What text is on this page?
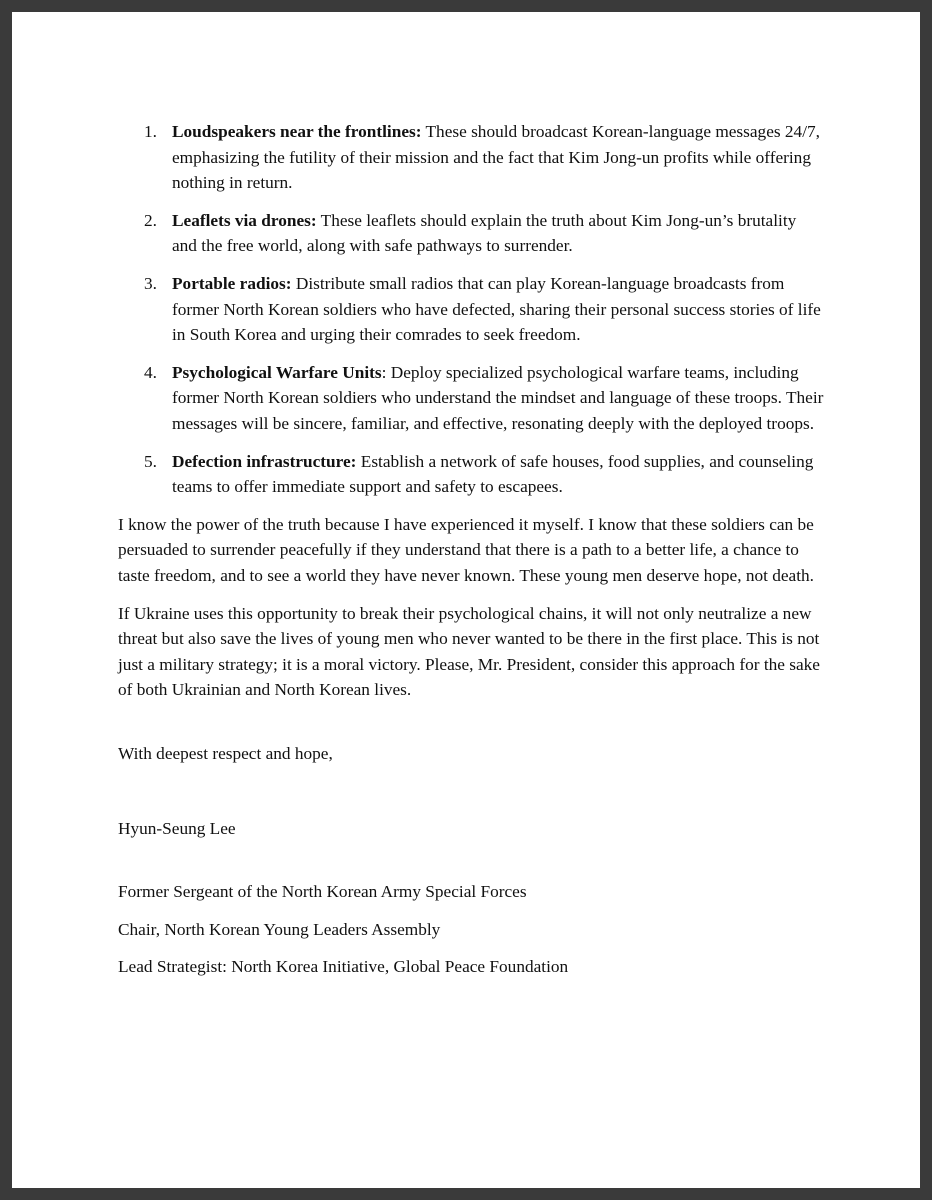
1. Loudspeakers near the frontlines: These should broadcast Korean-language messages 24/7, emphasizing the futility of their mission and the fact that Kim Jong-un profits while offering nothing in return.
2. Leaflets via drones: These leaflets should explain the truth about Kim Jong-un’s brutality and the free world, along with safe pathways to surrender.
3. Portable radios: Distribute small radios that can play Korean-language broadcasts from former North Korean soldiers who have defected, sharing their personal success stories of life in South Korea and urging their comrades to seek freedom.
4. Psychological Warfare Units: Deploy specialized psychological warfare teams, including former North Korean soldiers who understand the mindset and language of these troops. Their messages will be sincere, familiar, and effective, resonating deeply with the deployed troops.
5. Defection infrastructure: Establish a network of safe houses, food supplies, and counseling teams to offer immediate support and safety to escapees.

I know the power of the truth because I have experienced it myself. I know that these soldiers can be persuaded to surrender peacefully if they understand that there is a path to a better life, a chance to taste freedom, and to see a world they have never known. These young men deserve hope, not death.

If Ukraine uses this opportunity to break their psychological chains, it will not only neutralize a new threat but also save the lives of young men who never wanted to be there in the first place. This is not just a military strategy; it is a moral victory. Please, Mr. President, consider this approach for the sake of both Ukrainian and North Korean lives.

With deepest respect and hope,
Hyun-Seung Lee
Former Sergeant of the North Korean Army Special Forces
Chair, North Korean Young Leaders Assembly
Lead Strategist: North Korea Initiative, Global Peace Foundation
